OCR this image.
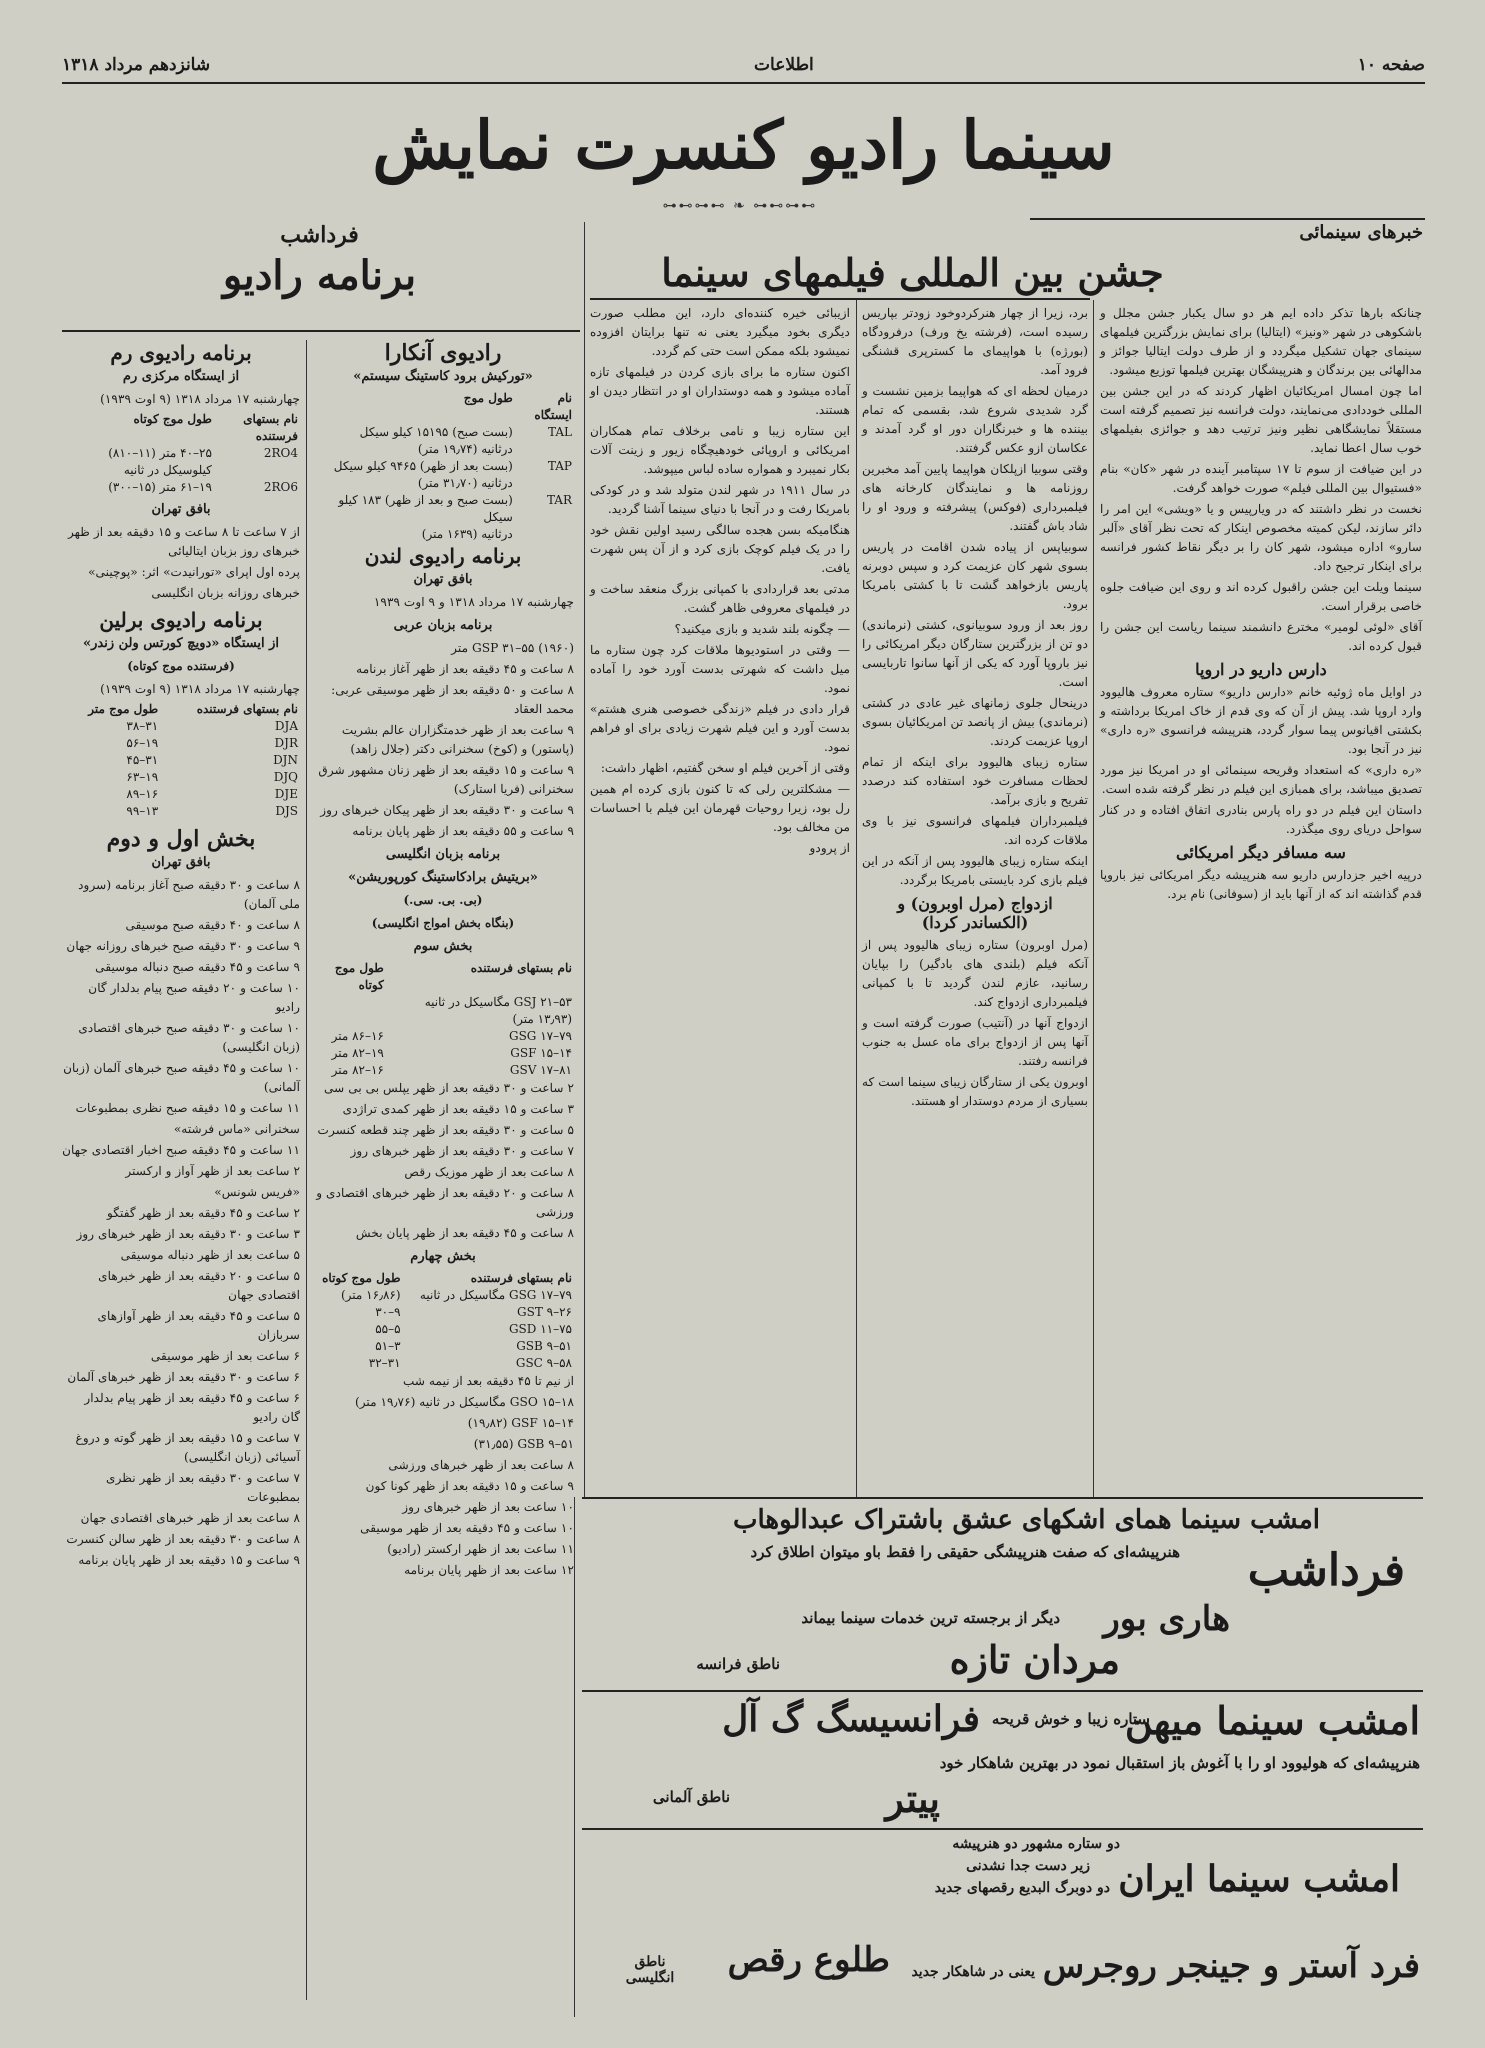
صفحه ۱۰
اطلاعات
شانزدهم مرداد ۱۳۱۸
سینما رادیو کنسرت نمایش
⊶⊷⊶⊷ ❧ ⊶⊷⊶⊷
خبرهای سینمائی
جشن بین المللی فیلمهای سینما

چنانکه بارها تذکر داده ایم هر دو سال یکبار جشن مجلل و باشکوهی در شهر «ونیز» (ایتالیا) برای نمایش بزرگترین فیلمهای سینمای جهان تشکیل میگردد و از طرف دولت ایتالیا جوائز و مدالهائی بین برندگان و هنرپیشگان بهترین فیلمها توزیع میشود.

اما چون امسال امریکائیان اظهار کردند که در این جشن بین المللی خوددادی می‌نمایند، دولت فرانسه نیز تصمیم گرفته است مستقلاً نمایشگاهی نظیر ونیز ترتیب دهد و جوائزی بفیلمهای خوب سال اعطا نماید.

در این ضیافت از سوم تا ۱۷ سپتامبر آینده در شهر «کان» بنام «فستیوال بین المللی فیلم» صورت خواهد گرفت.

نخست در نظر داشتند که در ویارپیس و یا «ویشی» این امر را دائر سازند، لیکن کمیته مخصوص اینکار که تحت نظر آقای «آلبر سارو» اداره میشود، شهر کان را بر دیگر نقاط کشور فرانسه برای اینکار ترجیح داد.

سینما ویلت این جشن راقبول کرده اند و روی این ضیافت جلوه خاصی برقرار است.

آقای «لوئی لومیر» مخترع دانشمند سینما ریاست این جشن را قبول کرده اند.

دارس داریو در اروپا

در اوایل ماه ژوئیه خانم «دارس داریو» ستاره معروف هالیوود وارد اروپا شد. پیش از آن که وی قدم از خاک امریکا برداشته و بکشتی اقیانوس پیما سوار گردد، هنرپیشه فرانسوی «ره داری» نیز در آنجا بود.

«ره داری» که استعداد وقریحه سینمائی او در امریکا نیز مورد تصدیق میباشد، برای همبازی این فیلم در نظر گرفته شده است.

داستان این فیلم در دو راه پارس بنادری اتفاق افتاده و در کنار سواحل دریای روی میگذرد.

سه مسافر دیگر امریکائی

درپیه اخیر جزدارس داریو سه هنرپیشه دیگر امریکائی نیز باروپا قدم گذاشته اند که از آنها باید از (سوفانی) نام برد.

برد، زیرا از چهار هنرکردوخود زودتر بپاریس رسیده است، (فرشته یخ ورف) درفرودگاه (بورژه) با هواپیمای ما کسترپری قشنگی فرود آمد.

درمیان لحظه ای که هواپیما بزمین نشست و گرد شدیدی شروع شد، بقسمی که تمام بیننده ها و خبرنگاران دور او گرد آمدند و عکاسان ازو عکس گرفتند.

وقتی سوبیا ازپلکان هواپیما پایین آمد مخبرین روزنامه ها و نمایندگان کارخانه های فیلمبرداری (فوکس) پیشرفته و ورود او را شاد باش گفتند.

سوبیاپس از پیاده شدن اقامت در پاریس بسوی شهر کان عزیمت کرد و سپس دوبرنه پاریس بازخواهد گشت تا با کشتی بامریکا برود.

روز بعد از ورود سوبیانوی، کشتی (نرماندی) دو تن از بزرگترین ستارگان دیگر امریکائی را نیز باروپا آورد که یکی از آنها سانوا تاربایسی است.

درینحال جلوی زمانهای غیر عادی در کشتی (نرماندی) بیش از پانصد تن امریکائیان بسوی اروپا عزیمت کردند.

ستاره زیبای هالیوود برای اینکه از تمام لحظات مسافرت خود استفاده کند درصدد تفریح و بازی برآمد.

فیلمبرداران فیلمهای فرانسوی نیز با وی ملاقات کرده اند.

اینکه ستاره زیبای هالیوود پس از آنکه در این فیلم بازی کرد بایستی بامریکا برگردد.

ازدواج (مرل اوبرون) و (الکساندر کردا)

(مرل اوبرون) ستاره زیبای هالیوود پس از آنکه فیلم (بلندی های بادگیر) را بپایان رسانید، عازم لندن گردید تا با کمپانی فیلمبرداری ازدواج کند.

ازدواج آنها در (آنتیب) صورت گرفته است و آنها پس از ازدواج برای ماه عسل به جنوب فرانسه رفتند.

اوبرون یکی از ستارگان زیبای سینما است که بسیاری از مردم دوستدار او هستند.

ازیبائی خیره کننده‌ای دارد، این مطلب صورت دیگری بخود میگیرد یعنی نه تنها برایتان افزوده نمیشود بلکه ممکن است حتی کم گردد.

اکنون ستاره ما برای بازی کردن در فیلمهای تازه آماده میشود و همه دوستداران او در انتظار دیدن او هستند.

این ستاره زیبا و نامی برخلاف تمام همکاران امریکائی و اروپائی خودهیچگاه زیور و زینت آلات بکار نمیبرد و همواره ساده لباس میپوشد.

در سال ۱۹۱۱ در شهر لندن متولد شد و در کودکی بامریکا رفت و در آنجا با دنیای سینما آشنا گردید.

هنگامیکه بسن هجده سالگی رسید اولین نقش خود را در یک فیلم کوچک بازی کرد و از آن پس شهرت یافت.

مدتی بعد قراردادی با کمپانی بزرگ منعقد ساخت و در فیلمهای معروفی ظاهر گشت.

— چگونه بلند شدید و بازی میکنید؟

— وقتی در استودیوها ملاقات کرد چون ستاره ما میل داشت که شهرتی بدست آورد خود را آماده نمود.

قرار دادی در فیلم «زندگی خصوصی هنری هشتم» بدست آورد و این فیلم شهرت زیادی برای او فراهم نمود.

وقتی از آخرین فیلم او سخن گفتیم، اظهار داشت:

— مشکلترین رلی که تا کنون بازی کرده ام همین رل بود، زیرا روحیات قهرمان این فیلم با احساسات من مخالف بود.

از پرودو

فرداشب
برنامه رادیو
رادیوی آنکارا
«تورکیش برود کاستینگ سیستم»
نام ایستگاه	طول موج
TAL	(بست صبح) ۱۵۱۹۵ کیلو سیکل
	درثانیه (۱۹٫۷۴ متر)
TAP	(بست بعد از ظهر) ۹۴۶۵ کیلو سیکل
	درثانیه (۳۱٫۷۰ متر)
TAR	(بست صبح و بعد از ظهر) ۱۸۳ کیلو سیکل
	درثانیه (۱۶۳۹ متر)
برنامه رادیوی لندن
بافق تهران

چهارشنبه ۱۷ مرداد ۱۳۱۸ و ۹ اوت ۱۹۳۹

برنامه بزبان عربی

GSP ۳۱–۵۵ (۱۹۶۰) متر

۸ ساعت و ۴۵ دقیقه بعد از ظهر آغاز برنامه

۸ ساعت و ۵۰ دقیقه بعد از ظهر موسیقی عربی: محمد العقاد

۹ ساعت بعد از ظهر خدمتگزاران عالم بشریت (پاستور) و (کوخ) سخنرانی دکتر (جلال زاهد)

۹ ساعت و ۱۵ دقیقه بعد از ظهر زنان مشهور شرق سخنرانی (فریا استارک)

۹ ساعت و ۳۰ دقیقه بعد از ظهر پیکان خبرهای روز

۹ ساعت و ۵۵ دقیقه بعد از ظهر پایان برنامه

برنامه بزبان انگلیسی
«بریتیش برادکاستینگ کورپوریشن»
(بی. بی. سی.)
(بنگاه بخش امواج انگلیسی)
بخش سوم
نام بستهای فرستنده	طول موج کوتاه
GSJ ۲۱–۵۳ مگاسیکل در ثانیه (۱۳٫۹۳ متر)	
GSG ۱۷–۷۹	۱۶–۸۶ متر
GSF ۱۵–۱۴	۱۹–۸۲ متر
GSV ۱۷–۸۱	۱۶–۸۲ متر

۲ ساعت و ۳۰ دقیقه بعد از ظهر یپلس بی بی سی

۳ ساعت و ۱۵ دقیقه بعد از ظهر کمدی تراژدی

۵ ساعت و ۳۰ دقیقه بعد از ظهر چند قطعه کنسرت

۷ ساعت و ۳۰ دقیقه بعد از ظهر خبرهای روز

۸ ساعت بعد از ظهر موزیک رقص

۸ ساعت و ۲۰ دقیقه بعد از ظهر خبرهای اقتصادی و ورزشی

۸ ساعت و ۴۵ دقیقه بعد از ظهر پایان بخش

بخش چهارم
نام بستهای فرستنده	طول موج کوتاه
GSG ۱۷–۷۹ مگاسیکل در ثانیه	(۱۶٫۸۶ متر)
GST ۹–۲۶	۹–۳۰
GSD ۱۱–۷۵	۵–۵۵
GSB ۹–۵۱	۳–۵۱
GSC ۹–۵۸	۳۱–۳۲

از نیم تا ۴۵ دقیقه بعد از نیمه شب

GSO ۱۵–۱۸ مگاسیکل در ثانیه (۱۹٫۷۶ متر)

GSF ۱۵–۱۴ (۱۹٫۸۲)

GSB ۹–۵۱ (۳۱٫۵۵)

۸ ساعت بعد از ظهر خبرهای ورزشی

۹ ساعت و ۱۵ دقیقه بعد از ظهر کونا کون

۱۰ ساعت بعد از ظهر خبرهای روز

۱۰ ساعت و ۴۵ دقیقه بعد از ظهر موسیقی

۱۱ ساعت بعد از ظهر ارکستر (رادیو)

۱۲ ساعت بعد از ظهر پایان برنامه

برنامه رادیوی رم
از ایستگاه مرکزی رم

چهارشنبه ۱۷ مرداد ۱۳۱۸ (۹ اوت ۱۹۳۹)

نام بستهای فرستنده	طول موج کوتاه
2RO4	۲۵–۴۰ متر (۱۱–۸۱۰) کیلوسیکل در ثانیه
2RO6	۱۹–۶۱ متر (۱۵–۳۰۰)
بافق تهران

از ۷ ساعت تا ۸ ساعت و ۱۵ دقیقه بعد از ظهر خبرهای روز بزبان ایتالیائی

پرده اول اپرای «تورانیدت» اثر: «پوچینی»

خبرهای روزانه بزبان انگلیسی

برنامه رادیوی برلین
از ایستگاه «دویچ کورتس ولن زندر»
(فرستنده موج کوتاه)

چهارشنبه ۱۷ مرداد ۱۳۱۸ (۹ اوت ۱۹۳۹)

نام بستهای فرستنده	طول موج متر
DJA	۳۱–۳۸
DJR	۱۹–۵۶
DJN	۳۱–۴۵
DJQ	۱۹–۶۳
DJE	۱۶–۸۹
DJS	۱۳–۹۹
بخش اول و دوم
بافق تهران

۸ ساعت و ۳۰ دقیقه صبح آغاز برنامه (سرود ملی آلمان)

۸ ساعت و ۴۰ دقیقه صبح موسیقی

۹ ساعت و ۳۰ دقیقه صبح خبرهای روزانه جهان

۹ ساعت و ۴۵ دقیقه صبح دنباله موسیقی

۱۰ ساعت و ۲۰ دقیقه صبح پیام بدلدار گان رادیو

۱۰ ساعت و ۳۰ دقیقه صبح خبرهای اقتصادی (زبان انگلیسی)

۱۰ ساعت و ۴۵ دقیقه صبح خبرهای آلمان (زبان آلمانی)

۱۱ ساعت و ۱۵ دقیقه صبح نظری بمطبوعات

سخنرانی «ماس فرشته»

۱۱ ساعت و ۴۵ دقیقه صبح اخبار اقتصادی جهان

۲ ساعت بعد از ظهر آواز و ارکستر

«فریس شونس»

۲ ساعت و ۴۵ دقیقه بعد از ظهر گفتگو

۳ ساعت و ۳۰ دقیقه بعد از ظهر خبرهای روز

۵ ساعت بعد از ظهر دنباله موسیقی

۵ ساعت و ۲۰ دقیقه بعد از ظهر خبرهای اقتصادی جهان

۵ ساعت و ۴۵ دقیقه بعد از ظهر آوازهای سربازان

۶ ساعت بعد از ظهر موسیقی

۶ ساعت و ۳۰ دقیقه بعد از ظهر خبرهای آلمان

۶ ساعت و ۴۵ دقیقه بعد از ظهر پیام بدلدار گان رادیو

۷ ساعت و ۱۵ دقیقه بعد از ظهر گوته و دروغ آسیائی (زبان انگلیسی)

۷ ساعت و ۳۰ دقیقه بعد از ظهر نظری بمطبوعات

۸ ساعت بعد از ظهر خبرهای اقتصادی جهان

۸ ساعت و ۳۰ دقیقه بعد از ظهر سالن کنسرت

۹ ساعت و ۱۵ دقیقه بعد از ظهر پایان برنامه

امشب سینما همای اشکهای عشق باشتراک عبدالوهاب
هنرپیشه‌ای که صفت هنرپیشگی حقیقی را فقط باو میتوان اطلاق کرد فرداشب
هاری بور
دیگر از برجسته ترین خدمات سینما بیماند
مردان تازه
ناطق فرانسه
امشب سینما میهن
ستاره زیبا و خوش قریحه
فرانسیسگ گ آل
هنرپیشه‌ای که هولیوود او را با آغوش باز استقبال نمود در بهترین شاهکار خود
پیتر
ناطق آلمانی
امشب سینما ایران
دو ستاره مشهور دو هنرپیشه
زیر دست جدا نشدنی
دو دوبرگ البدیع رقصهای جدید
فرد آستر و جینجر روجرس
یعنی در شاهکار جدید
طلوع رقص
ناطق انگلیسی
